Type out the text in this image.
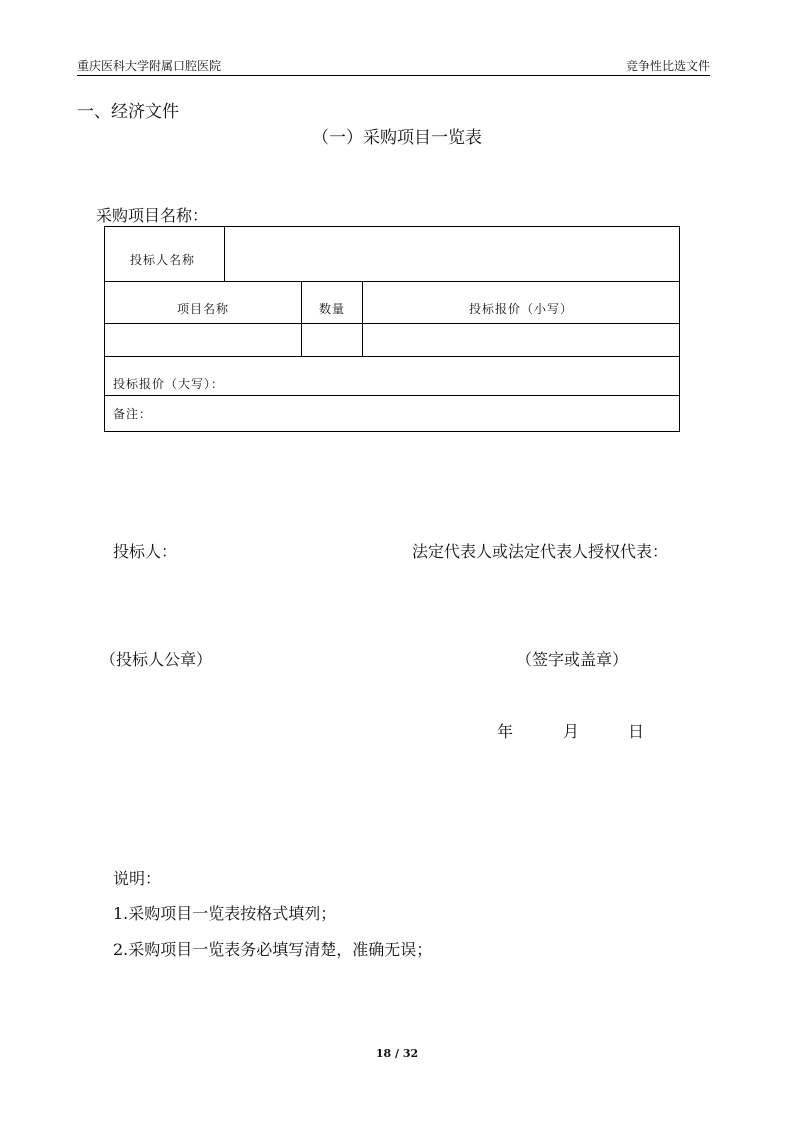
重庆医科大学附属口腔医院	竞争性比选文件
一、经济文件
（一）采购项目一览表
采购项目名称：
投标人名称
项目名称	数量	投标报价（小写）
投标报价（大写）：
备注：
投标人：	法定代表人或法定代表人授权代表：
（投标人公章）	（签字或盖章）
年	月	日
说明：
1.采购项目一览表按格式填列；
2.采购项目一览表务必填写清楚，准确无误；
18 / 32
